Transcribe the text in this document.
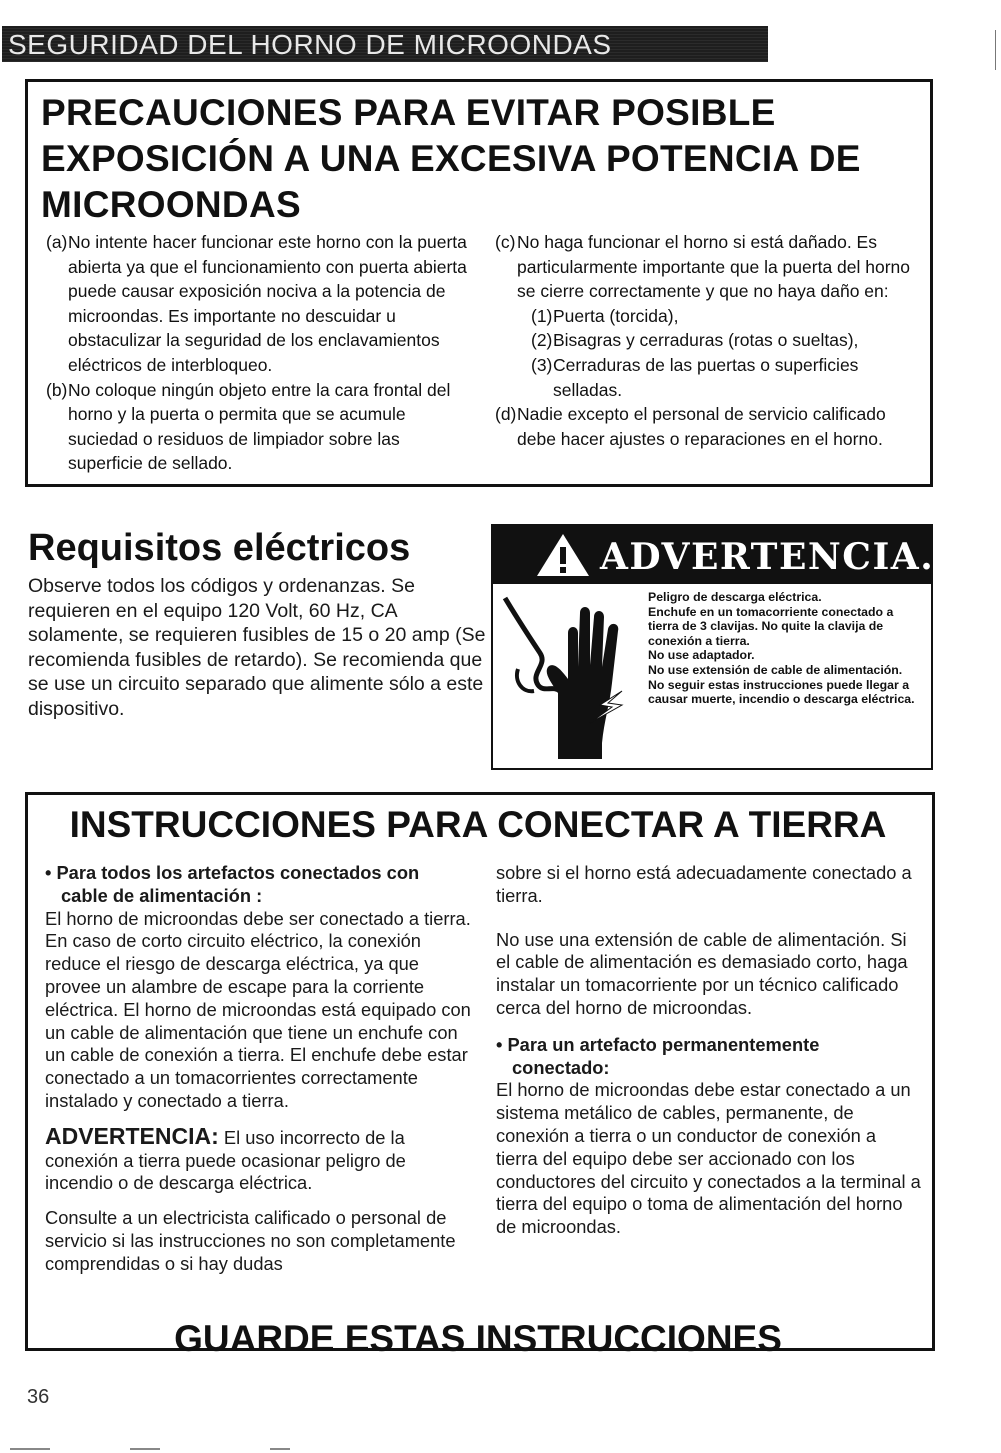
SEGURIDAD DEL HORNO DE MICROONDAS
PRECAUCIONES PARA EVITAR POSIBLE EXPOSICIÓN A UNA EXCESIVA POTENCIA DE MICROONDAS
(a) No intente hacer funcionar este horno con la puerta abierta ya que el funcionamiento con puerta abierta puede causar exposición nociva a la potencia de microondas. Es importante no descuidar u obstaculizar la seguridad de los enclavamientos eléctricos de interbloqueo.
(b) No coloque ningún objeto entre la cara frontal del horno y la puerta o permita que se acumule suciedad o residuos de limpiador sobre las superficie de sellado.
(c) No haga funcionar el horno si está dañado. Es particularmente importante que la puerta del horno se cierre correctamente y que no haya daño en:
(1) Puerta (torcida),
(2) Bisagras y cerraduras (rotas o sueltas),
(3) Cerraduras de las puertas o superficies
selladas.
(d) Nadie excepto el personal de servicio calificado debe hacer ajustes o reparaciones en el horno.
Requisitos eléctricos

Observe todos los códigos y ordenanzas. Se requieren en el equipo 120 Volt, 60 Hz, CA solamente, se requieren fusibles de 15 o 20 amp (Se recomienda fusibles de retardo). Se recomienda que se use un circuito separado que alimente sólo a este dispositivo.

ADVERTENCIA.
Peligro de descarga eléctrica.
Enchufe en un tomacorriente conectado a tierra de 3 clavijas. No quite la clavija de conexión a tierra.
No use adaptador.
No use extensión de cable de alimentación.
No seguir estas instrucciones puede llegar a causar muerte, incendio o descarga eléctrica.
INSTRUCCIONES PARA CONECTAR A TIERRA

• Para todos los artefactos conectados con
cable de alimentación :

El horno de microondas debe ser conectado a tierra. En caso de corto circuito eléctrico, la conexión reduce el riesgo de descarga eléctrica, ya que provee un alambre de escape para la corriente eléctrica. El horno de microondas está equipado con un cable de alimentación que tiene un enchufe con un cable de conexión a tierra. El enchufe debe estar conectado a un tomacorrientes correctamente instalado y conectado a tierra.

ADVERTENCIA: El uso incorrecto de la conexión a tierra puede ocasionar peligro de incendio o de descarga eléctrica.

Consulte a un electricista calificado o personal de servicio si las instrucciones no son completamente comprendidas o si hay dudas

sobre si el horno está adecuadamente conectado a tierra.

No use una extensión de cable de alimentación. Si el cable de alimentación es demasiado corto, haga instalar un tomacorriente por un técnico calificado cerca del horno de microondas.

• Para un artefacto permanentemente
conectado:

El horno de microondas debe estar conectado a un sistema metálico de cables, permanente, de conexión a tierra o un conductor de conexión a tierra del equipo debe ser accionado con los conductores del circuito y conectados a la terminal a tierra del equipo o toma de alimentación del horno de microondas.

GUARDE ESTAS INSTRUCCIONES
36
